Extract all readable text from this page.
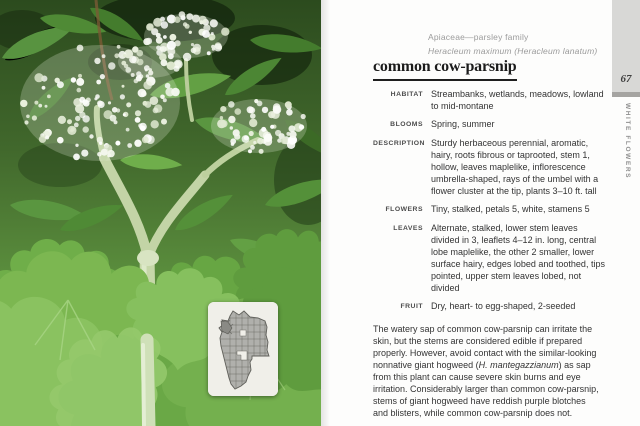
Apiaceae—parsley family
Heracleum maximum (Heracleum lanatum)
common cow-parsnip
HABITAT Streambanks, wetlands, meadows, lowland to mid-montane
BLOOMS Spring, summer
DESCRIPTION Sturdy herbaceous perennial, aromatic, hairy, roots fibrous or taprooted, stem 1, hollow, leaves maplelike, inflorescence umbrella-shaped, rays of the umbel with a flower cluster at the tip, plants 3–10 ft. tall
FLOWERS Tiny, stalked, petals 5, white, stamens 5
LEAVES Alternate, stalked, lower stem leaves divided in 3, leaflets 4–12 in. long, central lobe maplelike, the other 2 smaller, lower surface hairy, edges lobed and toothed, tips pointed, upper stem leaves lobed, not divided
FRUIT Dry, heart- to egg-shaped, 2-seeded

The watery sap of common cow-parsnip can irritate the skin, but the stems are considered edible if prepared properly. However, avoid contact with the similar-looking nonnative giant hogweed (H. mantegazzianum) as sap from this plant can cause severe skin burns and eye irritation. Considerably larger than common cow-parsnip, stems of giant hogweed have reddish purple blotches and blisters, while common cow-parsnip does not.

67
WHITE FLOWERS
